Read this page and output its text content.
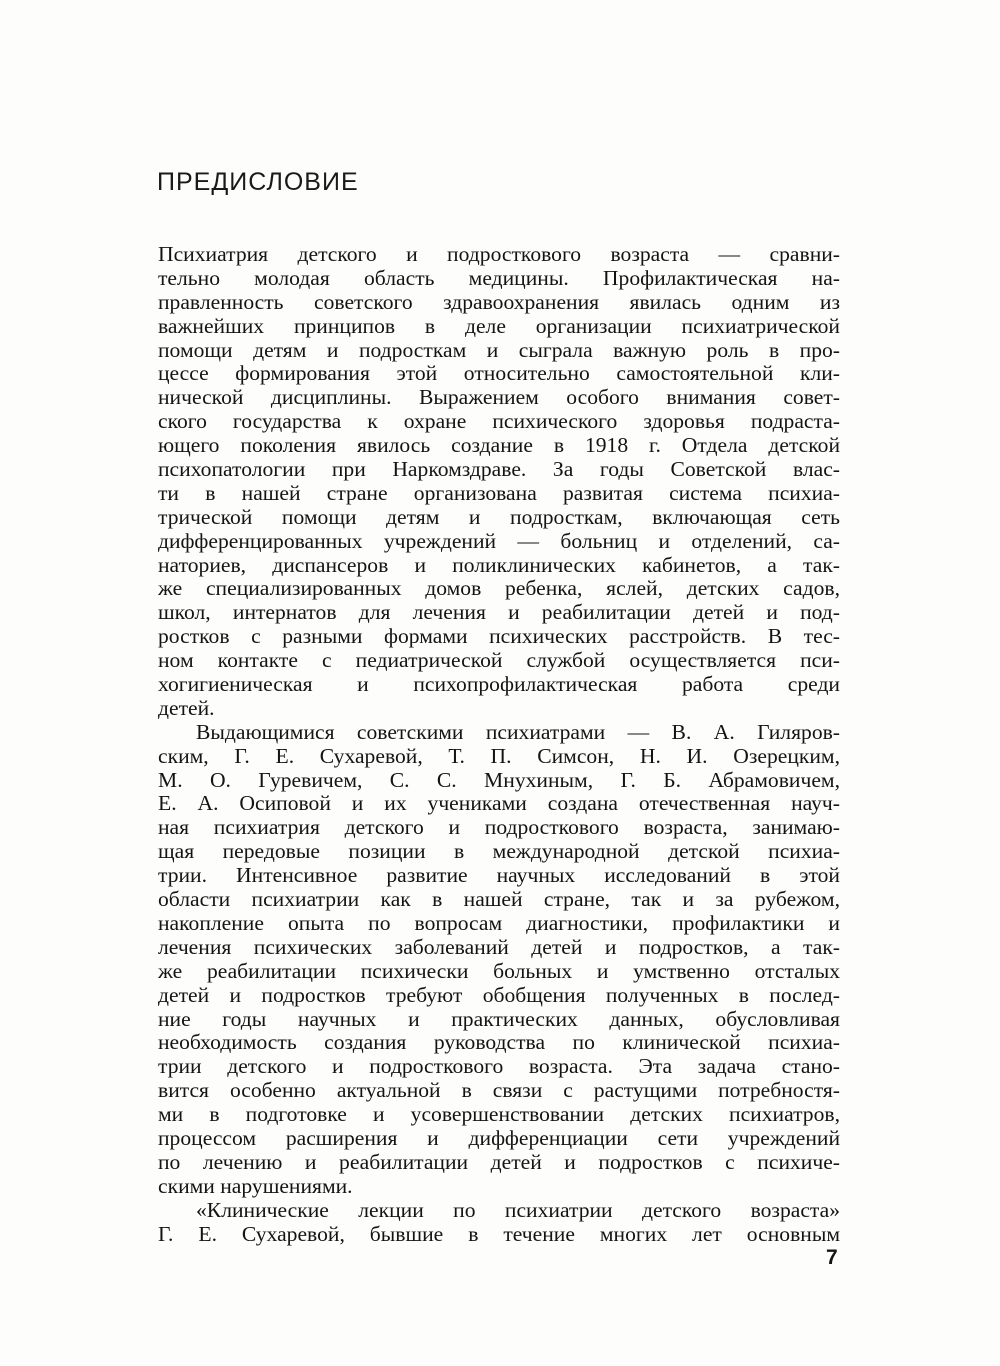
ПРЕДИСЛОВИЕ
Психиатрия детского и подросткового возраста — сравни-
тельно молодая область медицины. Профилактическая на-
правленность советского здравоохранения явилась одним из
важнейших принципов в деле организации психиатрической
помощи детям и подросткам и сыграла важную роль в про-
цессе формирования этой относительно самостоятельной кли-
нической дисциплины. Выражением особого внимания совет-
ского государства к охране психического здоровья подраста-
ющего поколения явилось создание в 1918 г. Отдела детской
психопатологии при Наркомздраве. За годы Советской влас-
ти в нашей стране организована развитая система психиа-
трической помощи детям и подросткам, включающая сеть
дифференцированных учреждений — больниц и отделений, са-
наториев, диспансеров и поликлинических кабинетов, а так-
же специализированных домов ребенка, яслей, детских садов,
школ, интернатов для лечения и реабилитации детей и под-
ростков с разными формами психических расстройств. В тес-
ном контакте с педиатрической службой осуществляется пси-
хогигиеническая и психопрофилактическая работа среди
детей.
Выдающимися советскими психиатрами — В. А. Гиляров-
ским, Г. Е. Сухаревой, Т. П. Симсон, Н. И. Озерецким,
М. О. Гуревичем, С. С. Мнухиным, Г. Б. Абрамовичем,
Е. А. Осиповой и их учениками создана отечественная науч-
ная психиатрия детского и подросткового возраста, занимаю-
щая передовые позиции в международной детской психиа-
трии. Интенсивное развитие научных исследований в этой
области психиатрии как в нашей стране, так и за рубежом,
накопление опыта по вопросам диагностики, профилактики и
лечения психических заболеваний детей и подростков, а так-
же реабилитации психически больных и умственно отсталых
детей и подростков требуют обобщения полученных в послед-
ние годы научных и практических данных, обусловливая
необходимость создания руководства по клинической психиа-
трии детского и подросткового возраста. Эта задача стано-
вится особенно актуальной в связи с растущими потребностя-
ми в подготовке и усовершенствовании детских психиатров,
процессом расширения и дифференциации сети учреждений
по лечению и реабилитации детей и подростков с психиче-
скими нарушениями.
«Клинические лекции по психиатрии детского возраста»
Г. Е. Сухаревой, бывшие в течение многих лет основным
7
